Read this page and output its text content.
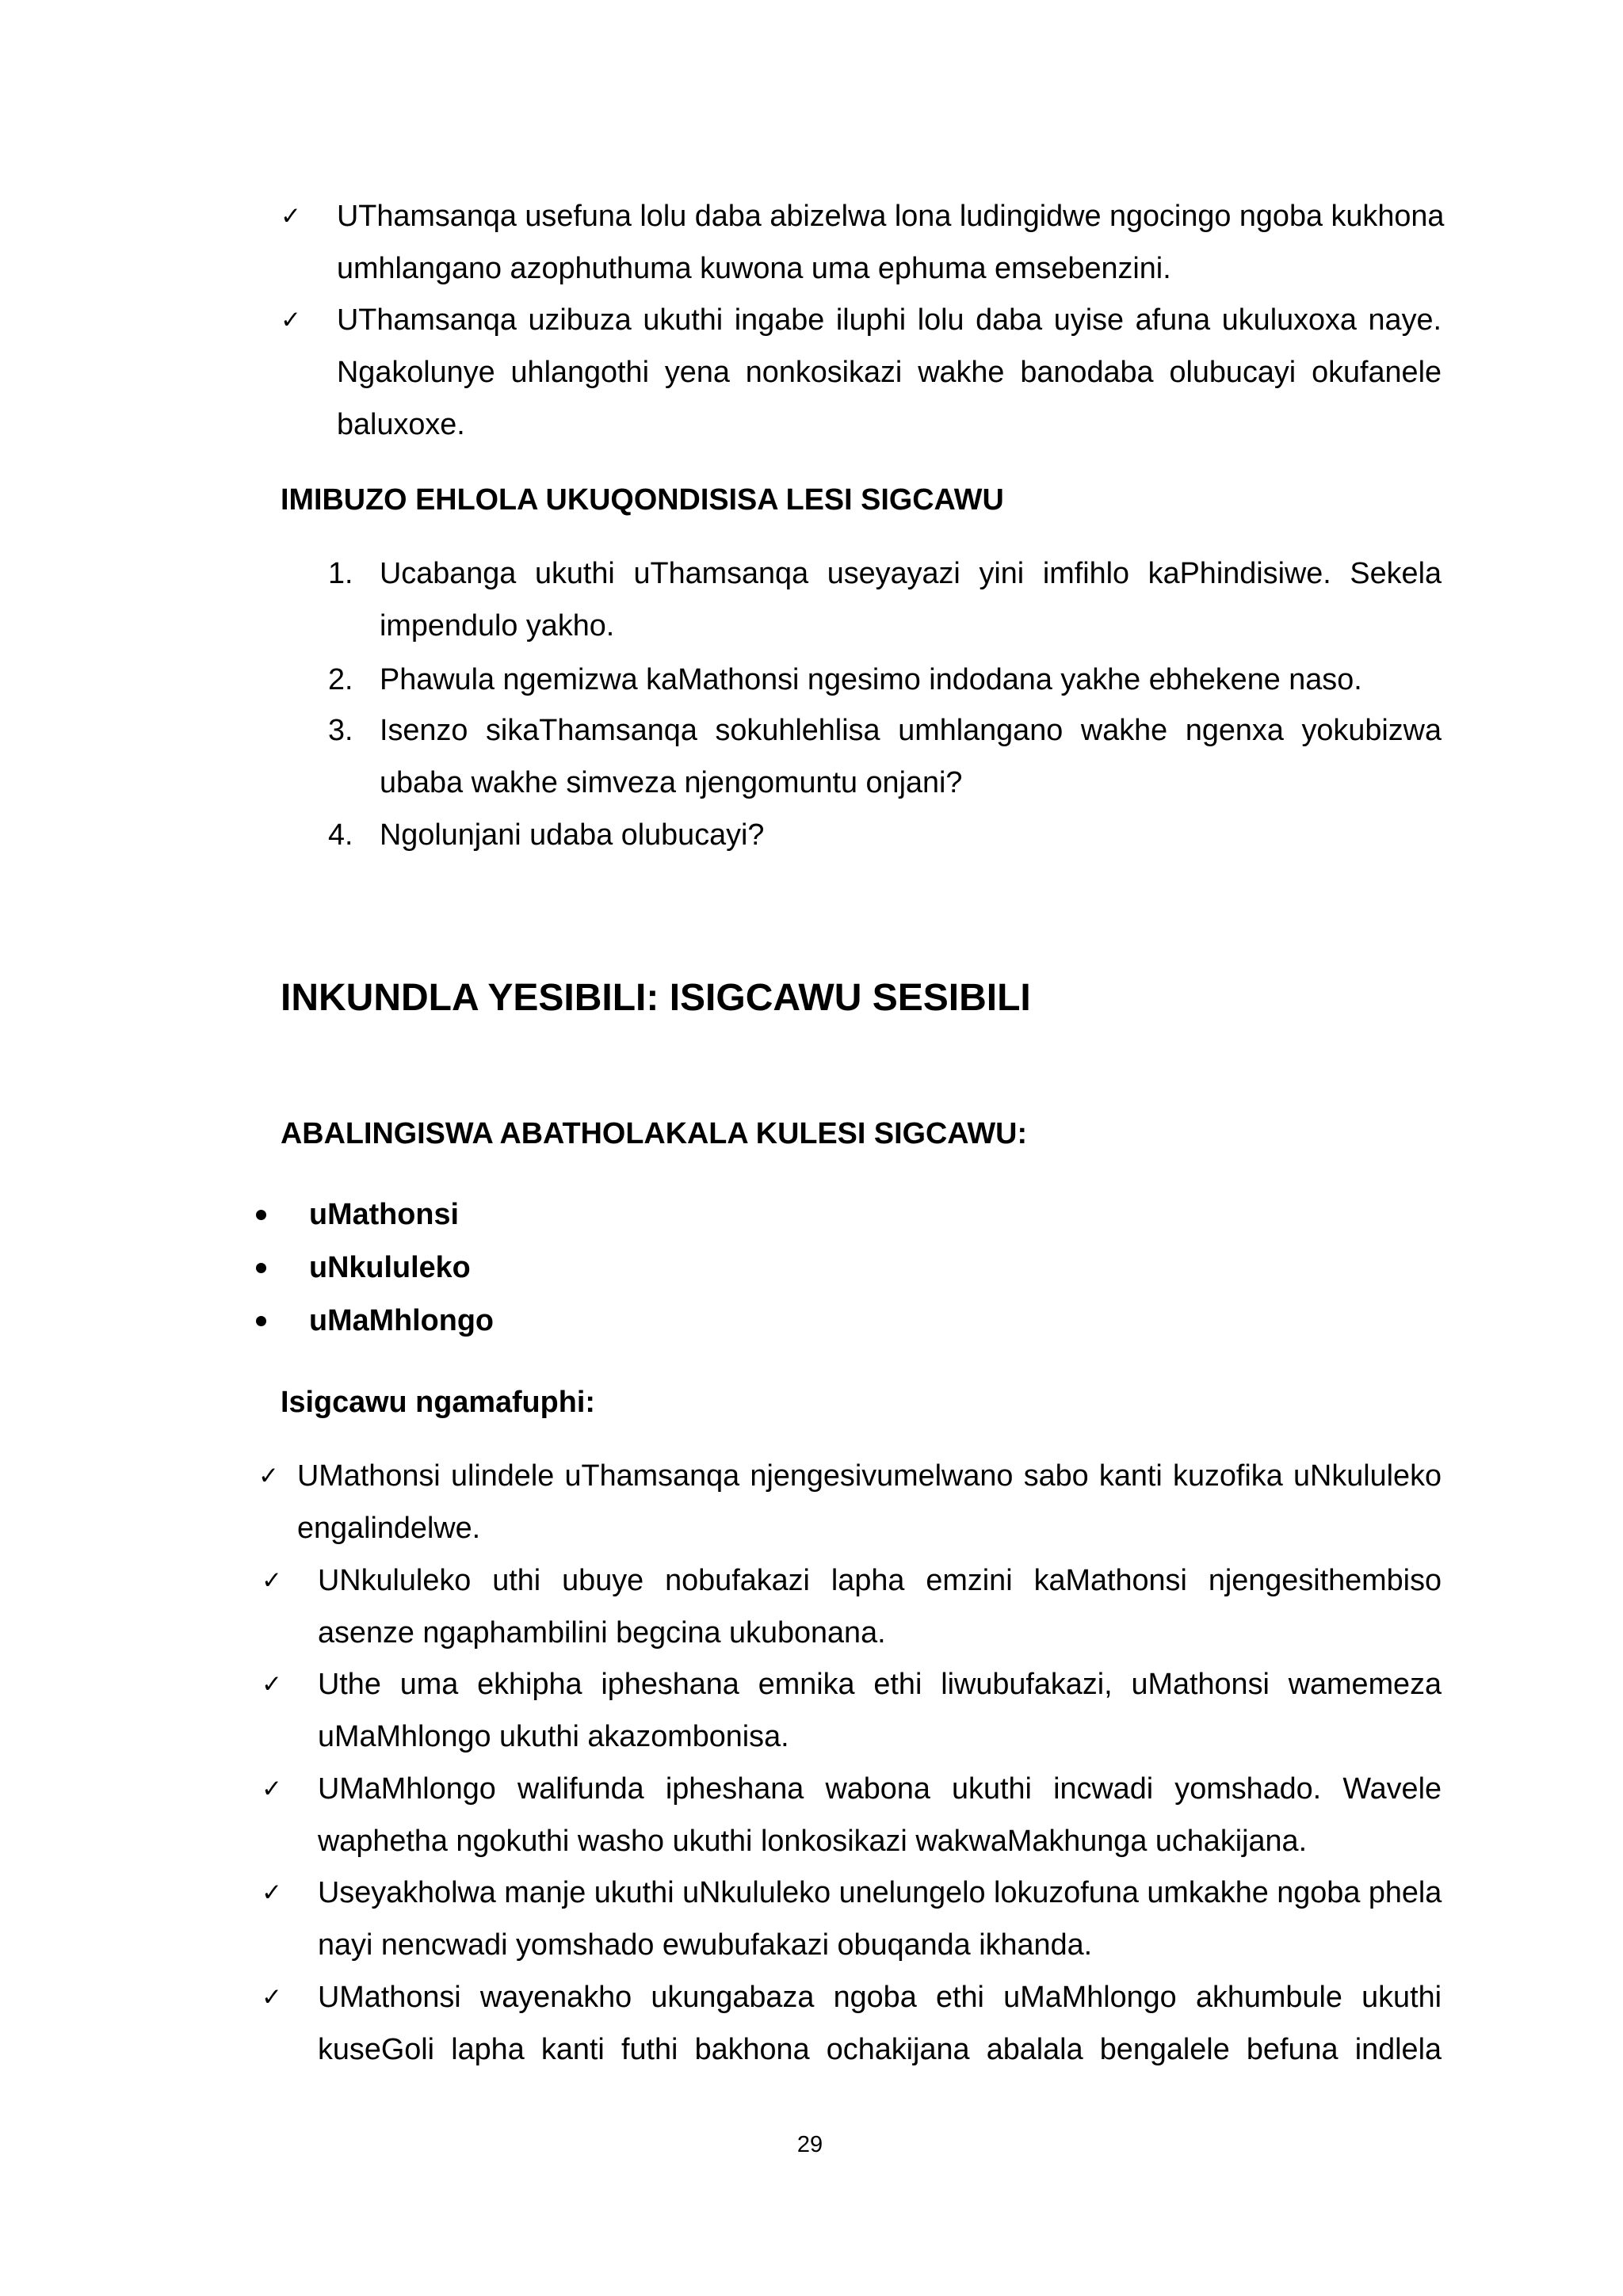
✓
UThamsanqa usefuna lolu daba abizelwa lona ludingidwe ngocingo ngoba kukhona
umhlangano azophuthuma kuwona uma ephuma emsebenzini.
✓
UThamsanqa uzibuza ukuthi ingabe iluphi lolu daba uyise afuna ukuluxoxa naye.
Ngakolunye uhlangothi yena nonkosikazi wakhe banodaba olubucayi okufanele
baluxoxe.
IMIBUZO EHLOLA UKUQONDISISA LESI SIGCAWU
1. Ucabanga ukuthi uThamsanqa useyayazi yini imfihlo kaPhindisiwe. Sekela
impendulo yakho.
2. Phawula ngemizwa kaMathonsi ngesimo indodana yakhe ebhekene naso.
3. Isenzo sikaThamsanqa sokuhlehlisa umhlangano wakhe ngenxa yokubizwa
ubaba wakhe simveza njengomuntu onjani?
4. Ngolunjani udaba olubucayi?
INKUNDLA YESIBILI: ISIGCAWU SESIBILI
ABALINGISWA ABATHOLAKALA KULESI SIGCAWU:
uMathonsi
uNkululeko
uMaMhlongo
Isigcawu ngamafuphi:
✓
UMathonsi ulindele uThamsanqa njengesivumelwano sabo kanti kuzofika uNkululeko
engalindelwe.
✓
UNkululeko uthi ubuye nobufakazi lapha emzini kaMathonsi njengesithembiso
asenze ngaphambilini begcina ukubonana.
✓
Uthe uma ekhipha ipheshana emnika ethi liwubufakazi, uMathonsi wamemeza
uMaMhlongo ukuthi akazombonisa.
✓
UMaMhlongo walifunda ipheshana wabona ukuthi incwadi yomshado. Wavele
waphetha ngokuthi washo ukuthi lonkosikazi wakwaMakhunga uchakijana.
✓
Useyakholwa manje ukuthi uNkululeko unelungelo lokuzofuna umkakhe ngoba phela
nayi nencwadi yomshado ewubufakazi obuqanda ikhanda.
✓
UMathonsi wayenakho ukungabaza ngoba ethi uMaMhlongo akhumbule ukuthi
kuseGoli lapha kanti futhi bakhona ochakijana abalala bengalele befuna indlela
29
